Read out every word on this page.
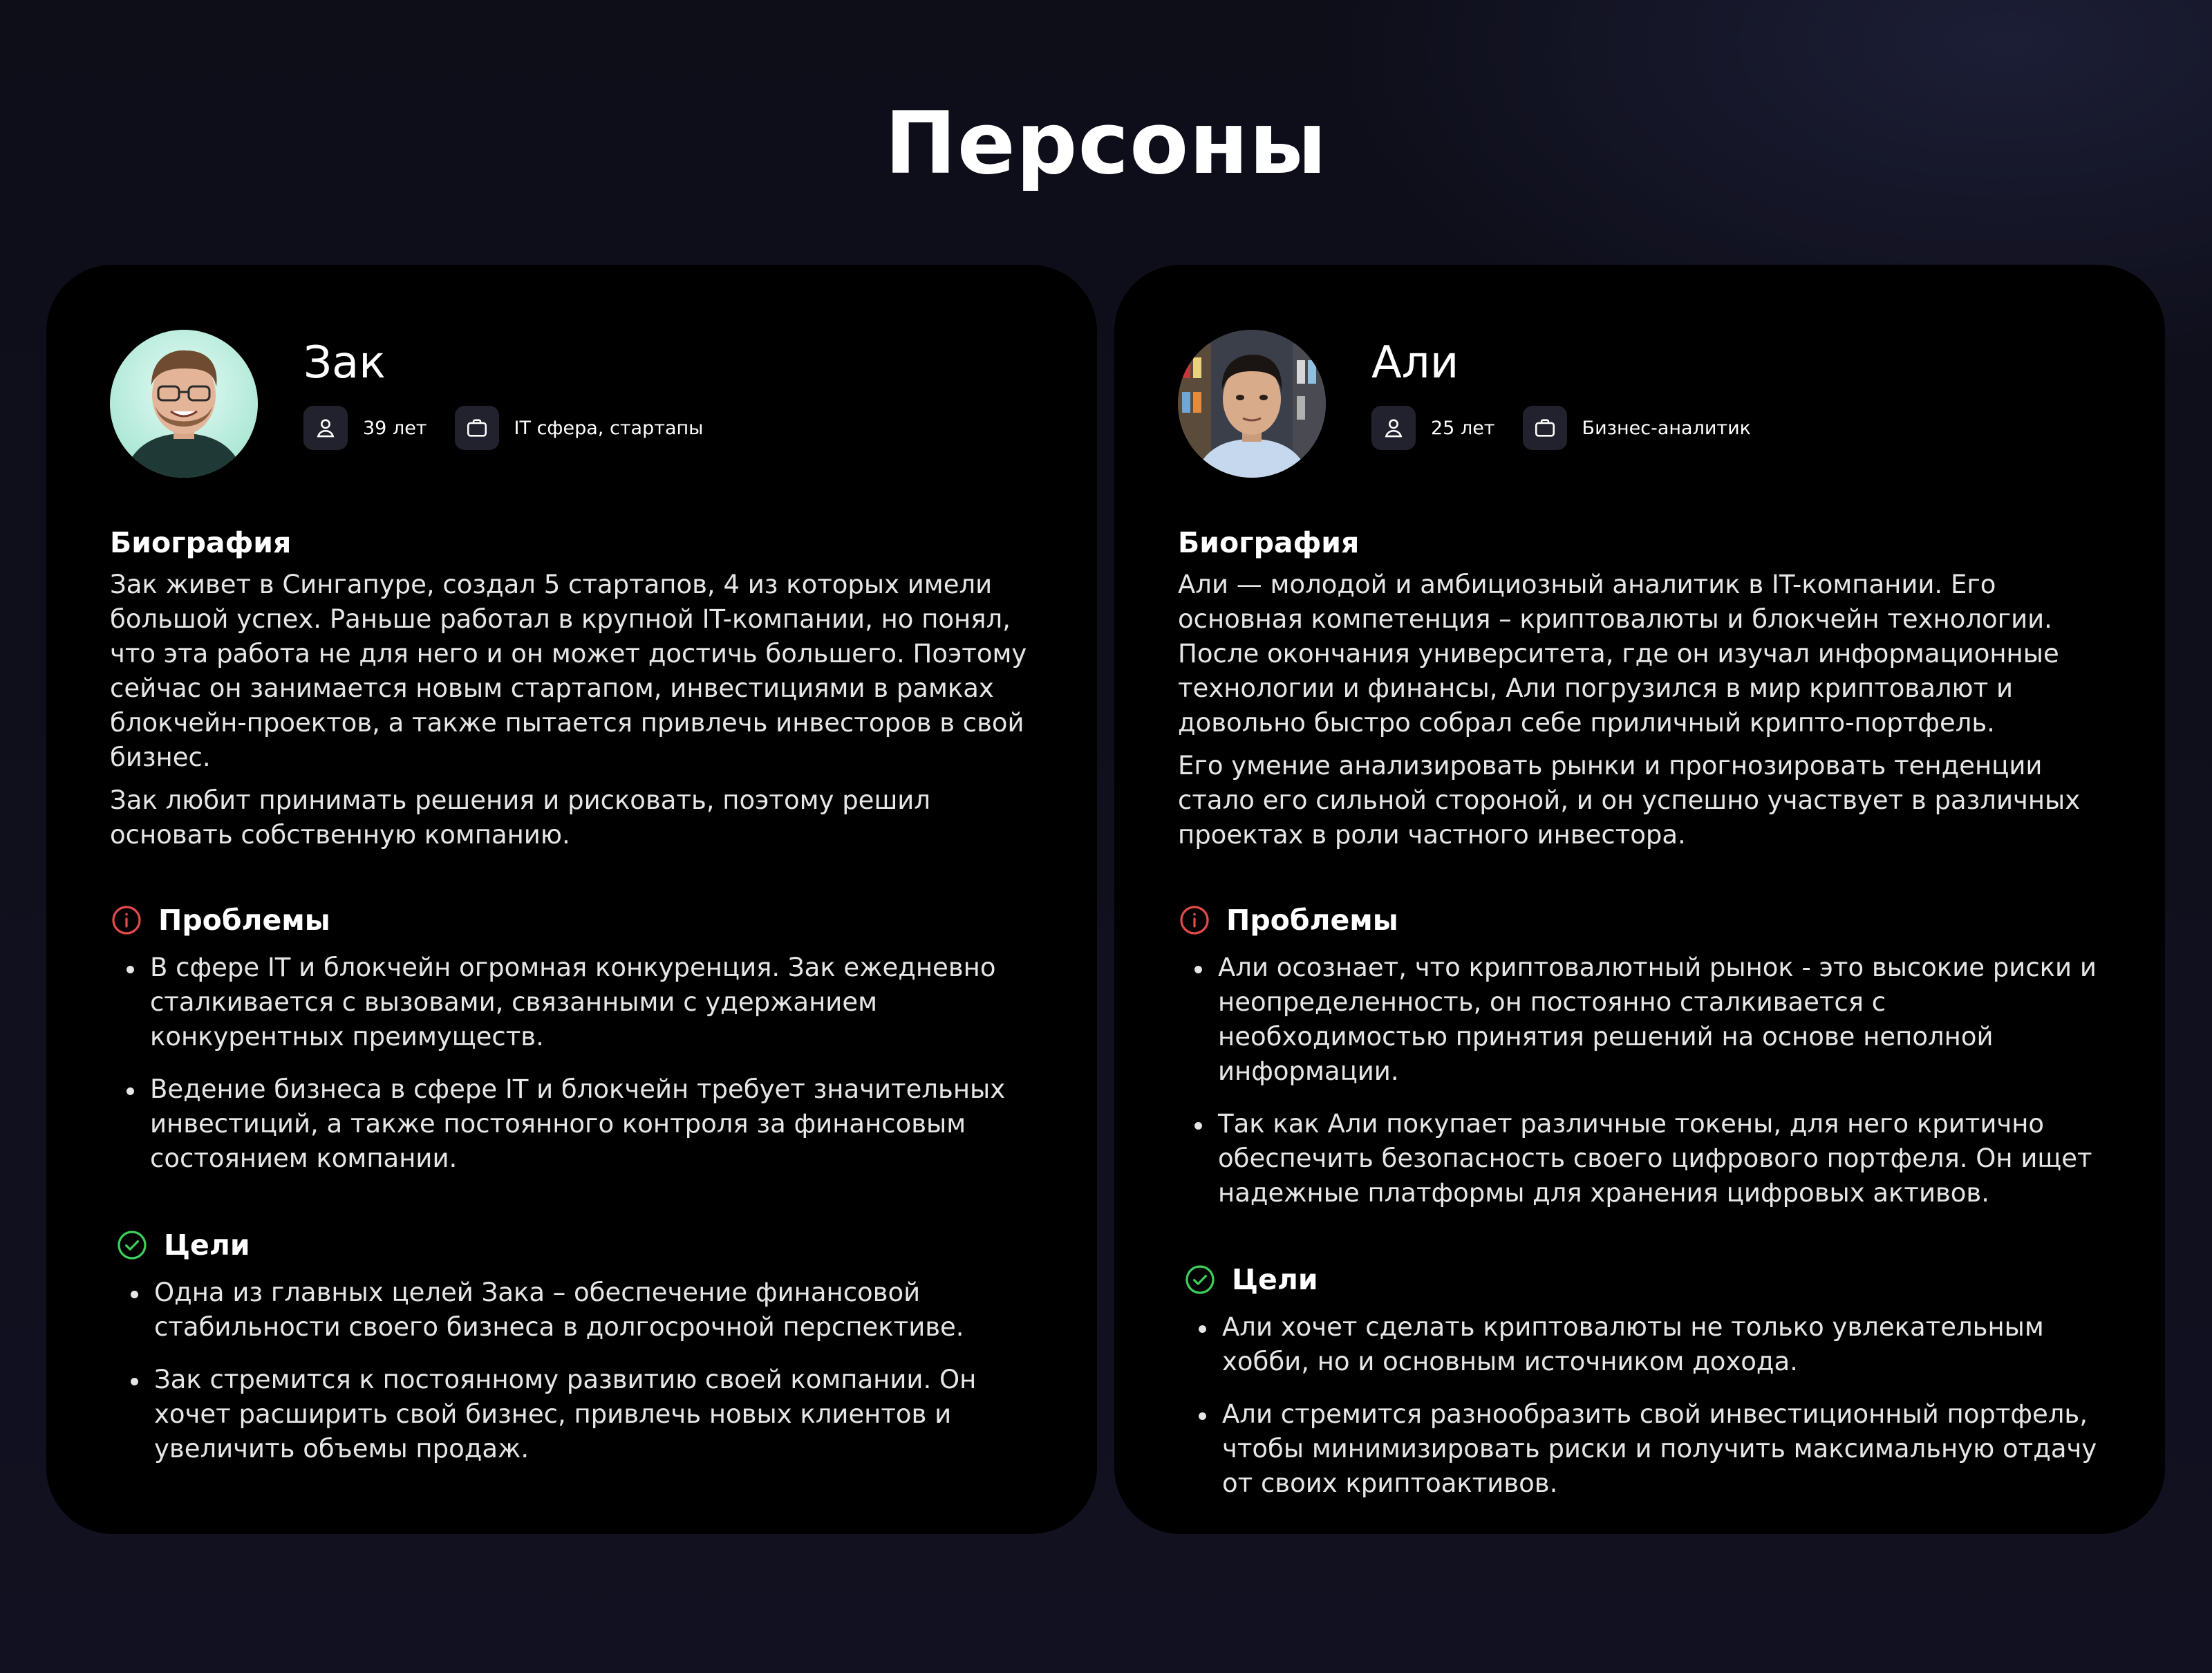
Персоны
Зак
39 лет	IT сфера, стартапы
Биография

Зак живет в Сингапуре, создал 5 стартапов, 4 из которых имели большой успех. Раньше работал в крупной IT-компании, но понял, что эта работа не для него и он может достичь большего. Поэтому сейчас он занимается новым стартапом, инвестициями в рамках блокчейн-проектов, а также пытается привлечь инвесторов в свой бизнес.

Зак любит принимать решения и рисковать, поэтому решил основать собственную компанию.

Проблемы
В сфере IT и блокчейн огромная конкуренция. Зак ежедневно сталкивается с вызовами, связанными с удержанием конкурентных преимуществ.
Ведение бизнеса в сфере IT и блокчейн требует значительных инвестиций, а также постоянного контроля за финансовым состоянием компании.
Цели
Одна из главных целей Зака – обеспечение финансовой стабильности своего бизнеса в долгосрочной перспективе.
Зак стремится к постоянному развитию своей компании. Он хочет расширить свой бизнес, привлечь новых клиентов и увеличить объемы продаж.
Али
25 лет	Бизнес-аналитик
Биография

Али — молодой и амбициозный аналитик в IT-компании. Его основная компетенция – криптовалюты и блокчейн технологии. После окончания университета, где он изучал информационные технологии и финансы, Али погрузился в мир криптовалют и довольно быстро собрал себе приличный крипто-портфель.

Его умение анализировать рынки и прогнозировать тенденции стало его сильной стороной, и он успешно участвует в различных проектах в роли частного инвестора.

Проблемы
Али осознает, что криптовалютный рынок - это высокие риски и неопределенность, он постоянно сталкивается с необходимостью принятия решений на основе неполной информации.
Так как Али покупает различные токены, для него критично обеспечить безопасность своего цифрового портфеля. Он ищет надежные платформы для хранения цифровых активов.
Цели
Али хочет сделать криптовалюты не только увлекательным хобби, но и основным источником дохода.
Али стремится разнообразить свой инвестиционный портфель, чтобы минимизировать риски и получить максимальную отдачу от своих криптоактивов.
